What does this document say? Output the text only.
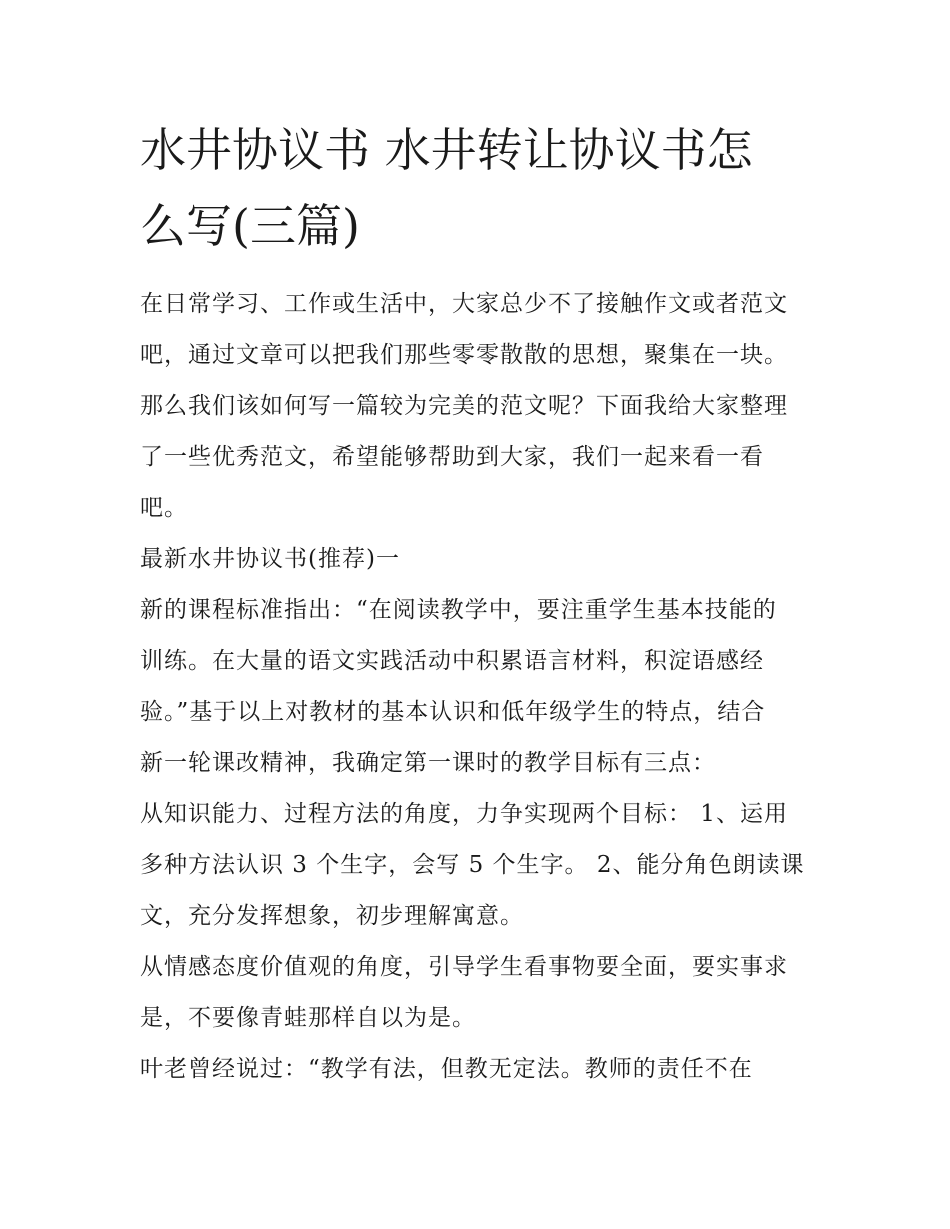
水井协议书 水井转让协议书怎
么写(三篇)
在日常学习、工作或生活中，大家总少不了接触作文或者范文
吧，通过文章可以把我们那些零零散散的思想，聚集在一块。
那么我们该如何写一篇较为完美的范文呢？下面我给大家整理
了一些优秀范文，希望能够帮助到大家，我们一起来看一看
吧。
最新水井协议书(推荐)一
新的课程标准指出：“在阅读教学中，要注重学生基本技能的
训练。在大量的语文实践活动中积累语言材料，积淀语感经
验。”基于以上对教材的基本认识和低年级学生的特点，结合
新一轮课改精神，我确定第一课时的教学目标有三点：
从知识能力、过程方法的角度，力争实现两个目标： 1、运用
多种方法认识 3 个生字，会写 5 个生字。 2、能分角色朗读课
文，充分发挥想象，初步理解寓意。
从情感态度价值观的角度，引导学生看事物要全面，要实事求
是，不要像青蛙那样自以为是。
叶老曾经说过：“教学有法，但教无定法。教师的责任不在
